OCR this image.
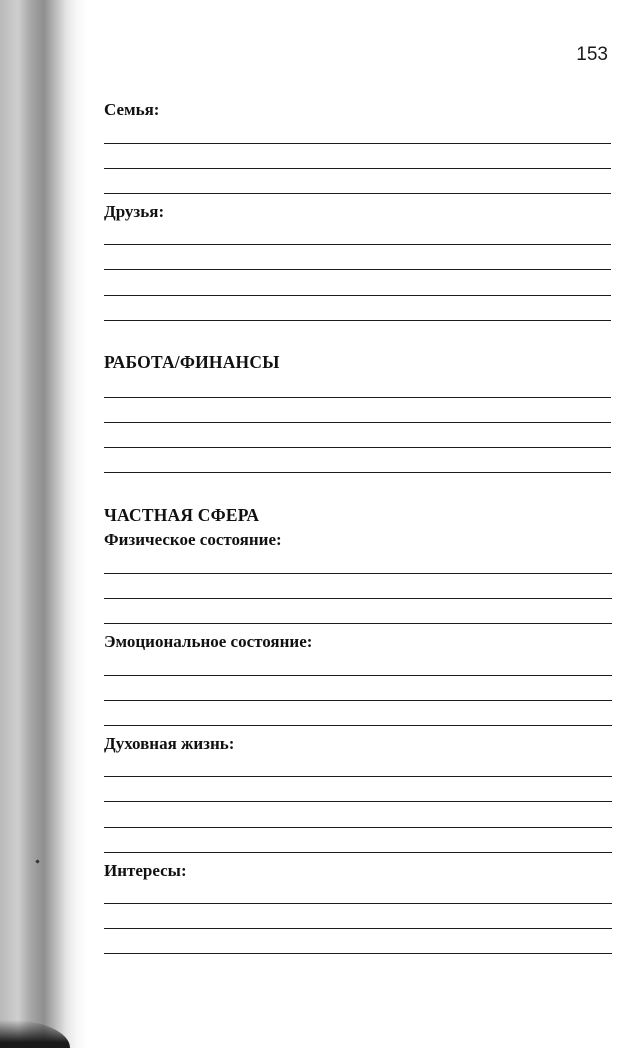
153
Семья:
Друзья:
РАБОТА/ФИНАНСЫ
ЧАСТНАЯ СФЕРА
Физическое состояние:
Эмоциональное состояние:
Духовная жизнь:
Интересы:
